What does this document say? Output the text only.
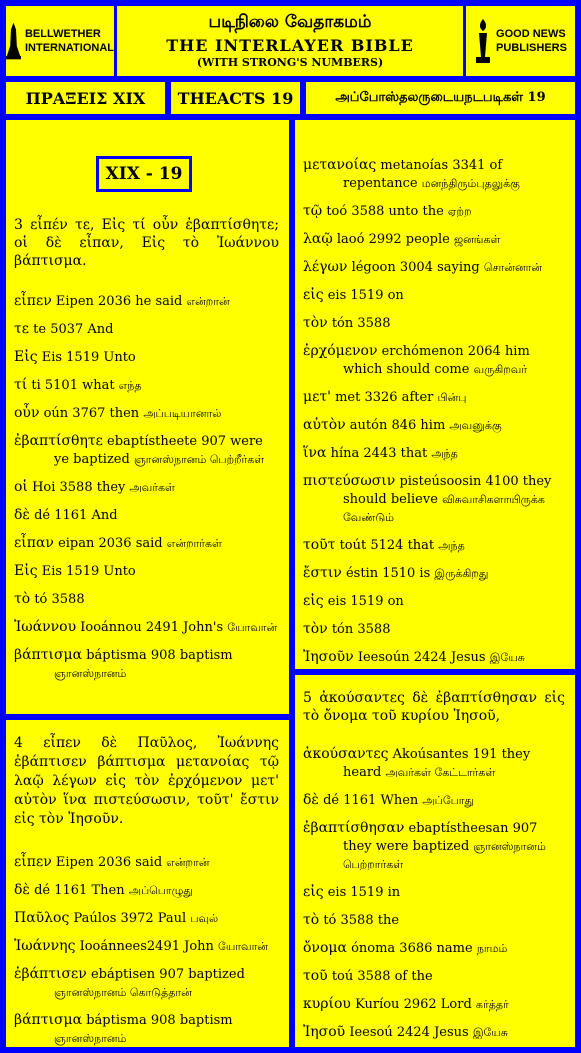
BELLWETHER
INTERNATIONAL
படிநிலை வேதாகமம்
THE INTERLAYER BIBLE
(WITH STRONG'S NUMBERS)
GOOD NEWS
PUBLISHERS
ΠΡΑΞΕΙΣ XIX THEACTS 19	அப்போஸ்தலருடையநடபடிகள் 19
XIX - 19
3 εἶπέν τε, Εἰς τί οὖν ἐβαπτίσθητε; οἱ δὲ εἶπαν, Εἰς τὸ Ἰωάννου βάπτισμα.
εἶπεν Eipen 2036 he said என்றான்
τε te 5037 And
Εἰς Eis 1519 Unto
τί ti 5101 what எந்த
οὖν oún 3767 then அப்படியானால்
ἐβαπτίσθητε ebaptístheete 907 were ye baptized ஞானஸ்நானம் பெற்றீர்கள்
οἱ Hoi 3588 they அவர்கள்
δὲ dé 1161 And
εἶπαν eipan 2036 said என்றார்கள்
Εἰς Eis 1519 Unto
τὸ tó 3588
Ἰωάννου Iooánnou 2491 John's யோவான்
βάπτισμα báptisma 908 baptism ஞானஸ்நானம்
4 εἶπεν δὲ Παῦλος, Ἰωάννης ἐβάπτισεν βάπτισμα μετανοίας τῷ λαῷ λέγων εἰς τὸν ἐρχόμενον μετ' αὐτὸν ἵνα πιστεύσωσιν, τοῦτ' ἔστιν εἰς τὸν Ἰησοῦν.
εἶπεν Eipen 2036 said என்றான்
δὲ dé 1161 Then அப்பொழுது
Παῦλος Paúlos 3972 Paul பவுல்
Ἰωάννης Iooánnees2491 John யோவான்
ἐβάπτισεν ebáptisen 907 baptized ஞானஸ்நானம் கொடுத்தான்
βάπτισμα báptisma 908 baptism ஞானஸ்நானம்
μετανοίας metanoías 3341 of repentance மனந்திரும்புதலுக்கு
τῷ toó 3588 unto the ஏற்ற
λαῷ laoó 2992 people ஜனங்கள்
λέγων légoon 3004 saying சொன்னான்
εἰς eis 1519 on
τὸν tón 3588
ἐρχόμενον erchómenon 2064 him which should come வருகிறவர்
μετ' met 3326 after பின்பு
αὐτὸν autón 846 him அவனுக்கு
ἵνα hína 2443 that அந்த
πιστεύσωσιν pisteúsoosin 4100 they should believe விசுவாசிகளாயிருக்க வேண்டும்
τοῦτ toút 5124 that அந்த
ἔστιν éstin 1510 is இருக்கிறது
εἰς eis 1519 on
τὸν tón 3588
Ἰησοῦν Ieesoún 2424 Jesus இயேசு
5 ἀκούσαντες δὲ ἐβαπτίσθησαν εἰς τὸ ὄνομα τοῦ κυρίου Ἰησοῦ,
ἀκούσαντες Akoúsantes 191 they heard அவர்கள் கேட்டார்கள்
δὲ dé 1161 When அப்போது
ἐβαπτίσθησαν ebaptístheesan 907 they were baptized ஞானஸ்நானம் பெற்றார்கள்
εἰς eis 1519 in
τὸ tó 3588 the
ὄνομα ónoma 3686 name நாமம்
τοῦ toú 3588 of the
κυρίου Kuríou 2962 Lord கர்த்தர்
Ἰησοῦ Ieesoú 2424 Jesus இயேசு
